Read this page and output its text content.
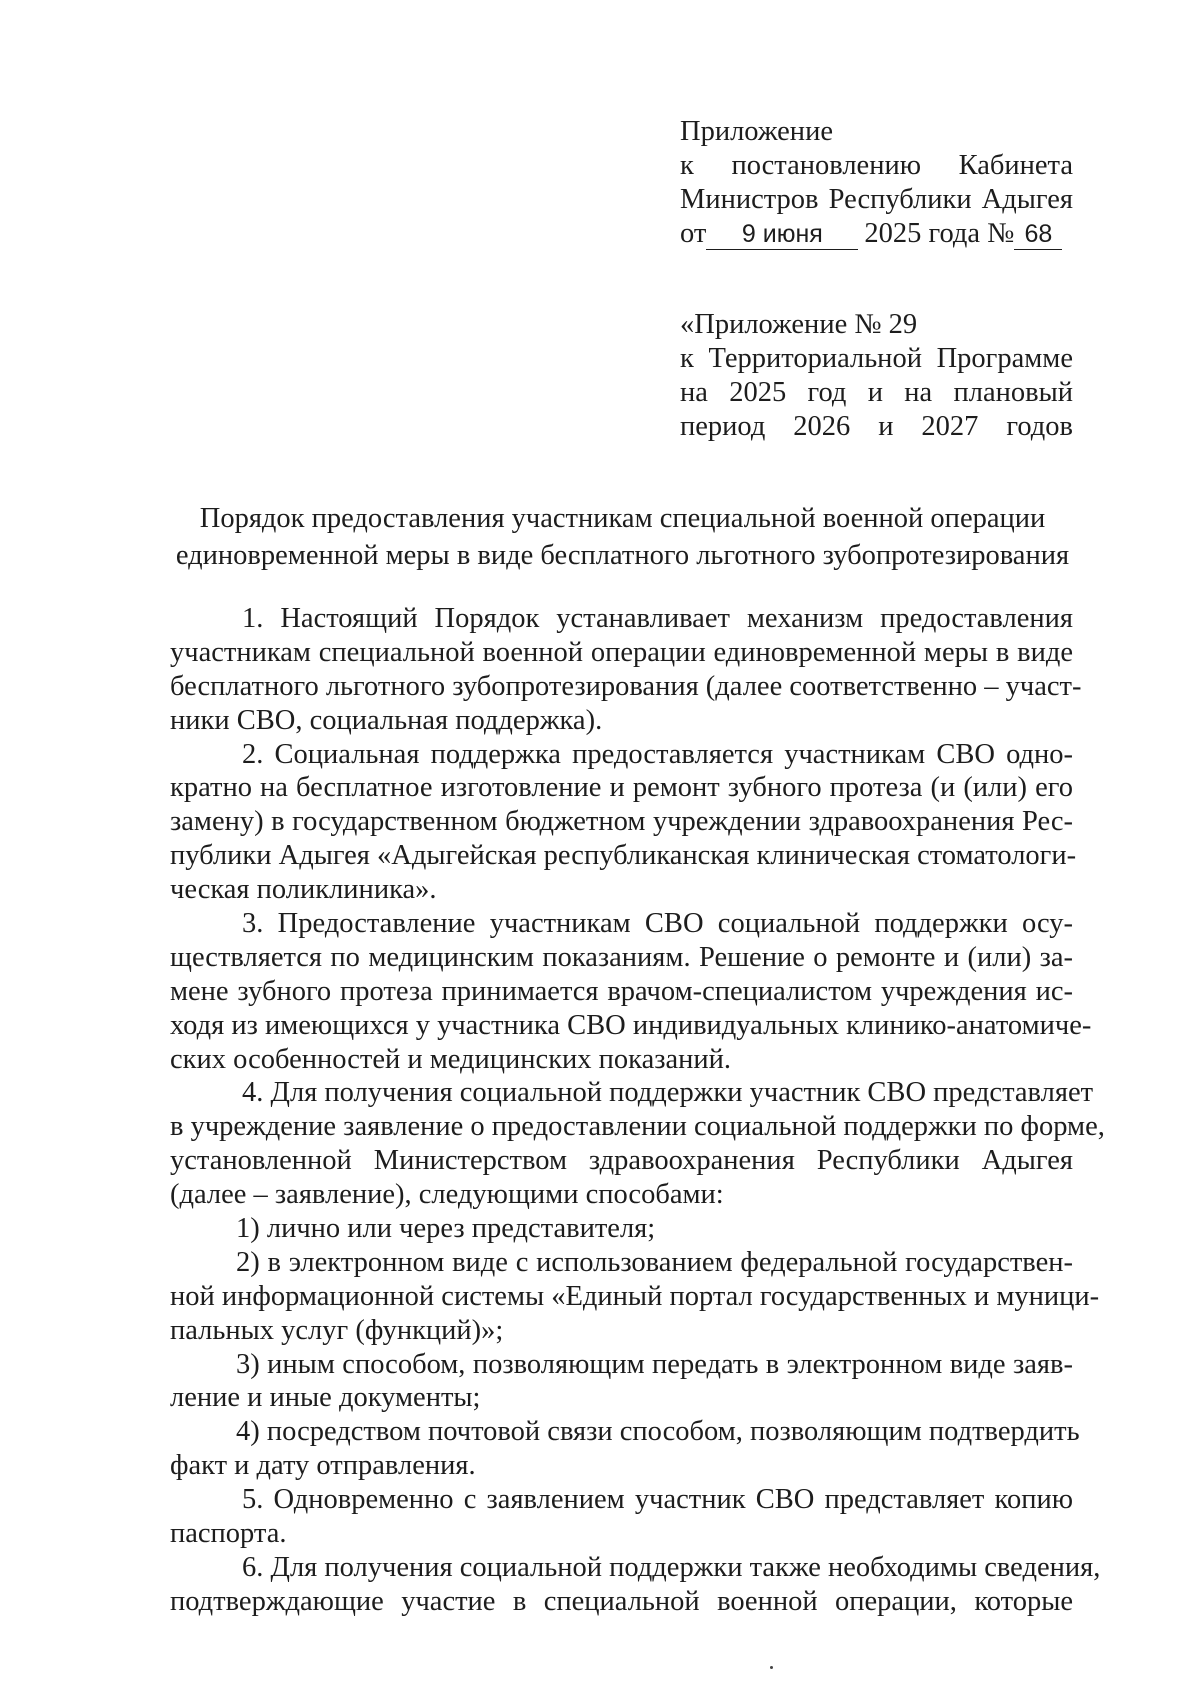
Приложение
к постановлению Кабинета
Министров Республики Адыгея
от	9 июня	2025 года № 68
«Приложение № 29
к Территориальной Программе
на 2025 год и на плановый
период 2026 и 2027 годов
Порядок предоставления участникам специальной военной операции
единовременной меры в виде бесплатного льготного зубопротезирования
1. Настоящий Порядок устанавливает механизм предоставления
участникам специальной военной операции единовременной меры в виде
бесплатного льготного зубопротезирования (далее соответственно – участ-
ники СВО, социальная поддержка).
2. Социальная поддержка предоставляется участникам СВО одно-
кратно на бесплатное изготовление и ремонт зубного протеза (и (или) его
замену) в государственном бюджетном учреждении здравоохранения Рес-
публики Адыгея «Адыгейская республиканская клиническая стоматологи-
ческая поликлиника».
3. Предоставление участникам СВО социальной поддержки осу-
ществляется по медицинским показаниям. Решение о ремонте и (или) за-
мене зубного протеза принимается врачом-специалистом учреждения ис-
ходя из имеющихся у участника СВО индивидуальных клинико-анатомиче-
ских особенностей и медицинских показаний.
4. Для получения социальной поддержки участник СВО представляет
в учреждение заявление о предоставлении социальной поддержки по форме,
установленной Министерством здравоохранения Республики Адыгея
(далее – заявление), следующими способами:
1) лично или через представителя;
2) в электронном виде с использованием федеральной государствен-
ной информационной системы «Единый портал государственных и муници-
пальных услуг (функций)»;
3) иным способом, позволяющим передать в электронном виде заяв-
ление и иные документы;
4) посредством почтовой связи способом, позволяющим подтвердить
факт и дату отправления.
5. Одновременно с заявлением участник СВО представляет копию
паспорта.
6. Для получения социальной поддержки также необходимы сведения,
подтверждающие участие в специальной военной операции, которые
